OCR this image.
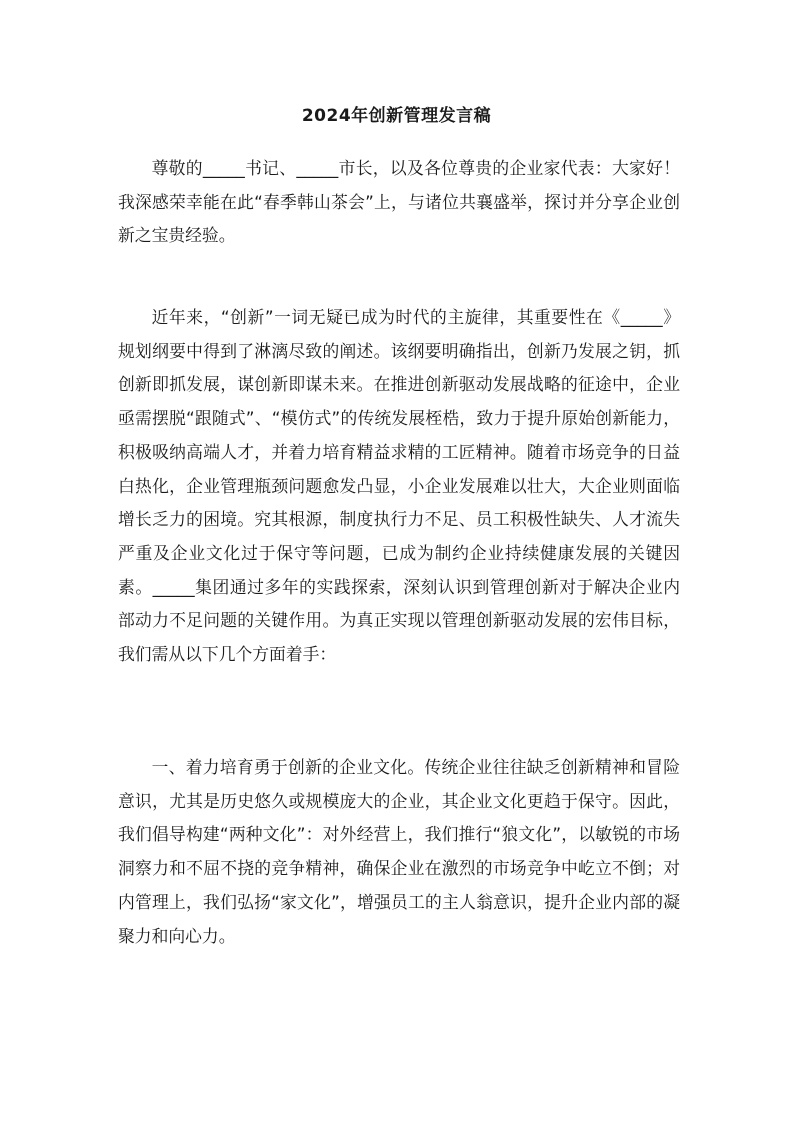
2024年创新管理发言稿

尊敬的_____书记、_____市长，以及各位尊贵的企业家代表：大家好！我深感荣幸能在此“春季韩山茶会”上，与诸位共襄盛举，探讨并分享企业创新之宝贵经验。

近年来，“创新”一词无疑已成为时代的主旋律，其重要性在《_____》规划纲要中得到了淋漓尽致的阐述。该纲要明确指出，创新乃发展之钥，抓创新即抓发展，谋创新即谋未来。在推进创新驱动发展战略的征途中，企业亟需摆脱“跟随式”、“模仿式”的传统发展桎梏，致力于提升原始创新能力，积极吸纳高端人才，并着力培育精益求精的工匠精神。随着市场竞争的日益白热化，企业管理瓶颈问题愈发凸显，小企业发展难以壮大，大企业则面临增长乏力的困境。究其根源，制度执行力不足、员工积极性缺失、人才流失严重及企业文化过于保守等问题，已成为制约企业持续健康发展的关键因素。_____集团通过多年的实践探索，深刻认识到管理创新对于解决企业内部动力不足问题的关键作用。为真正实现以管理创新驱动发展的宏伟目标，我们需从以下几个方面着手：

一、着力培育勇于创新的企业文化。传统企业往往缺乏创新精神和冒险意识，尤其是历史悠久或规模庞大的企业，其企业文化更趋于保守。因此，我们倡导构建“两种文化”：对外经营上，我们推行“狼文化”，以敏锐的市场洞察力和不屈不挠的竞争精神，确保企业在激烈的市场竞争中屹立不倒；对内管理上，我们弘扬“家文化”，增强员工的主人翁意识，提升企业内部的凝聚力和向心力。
